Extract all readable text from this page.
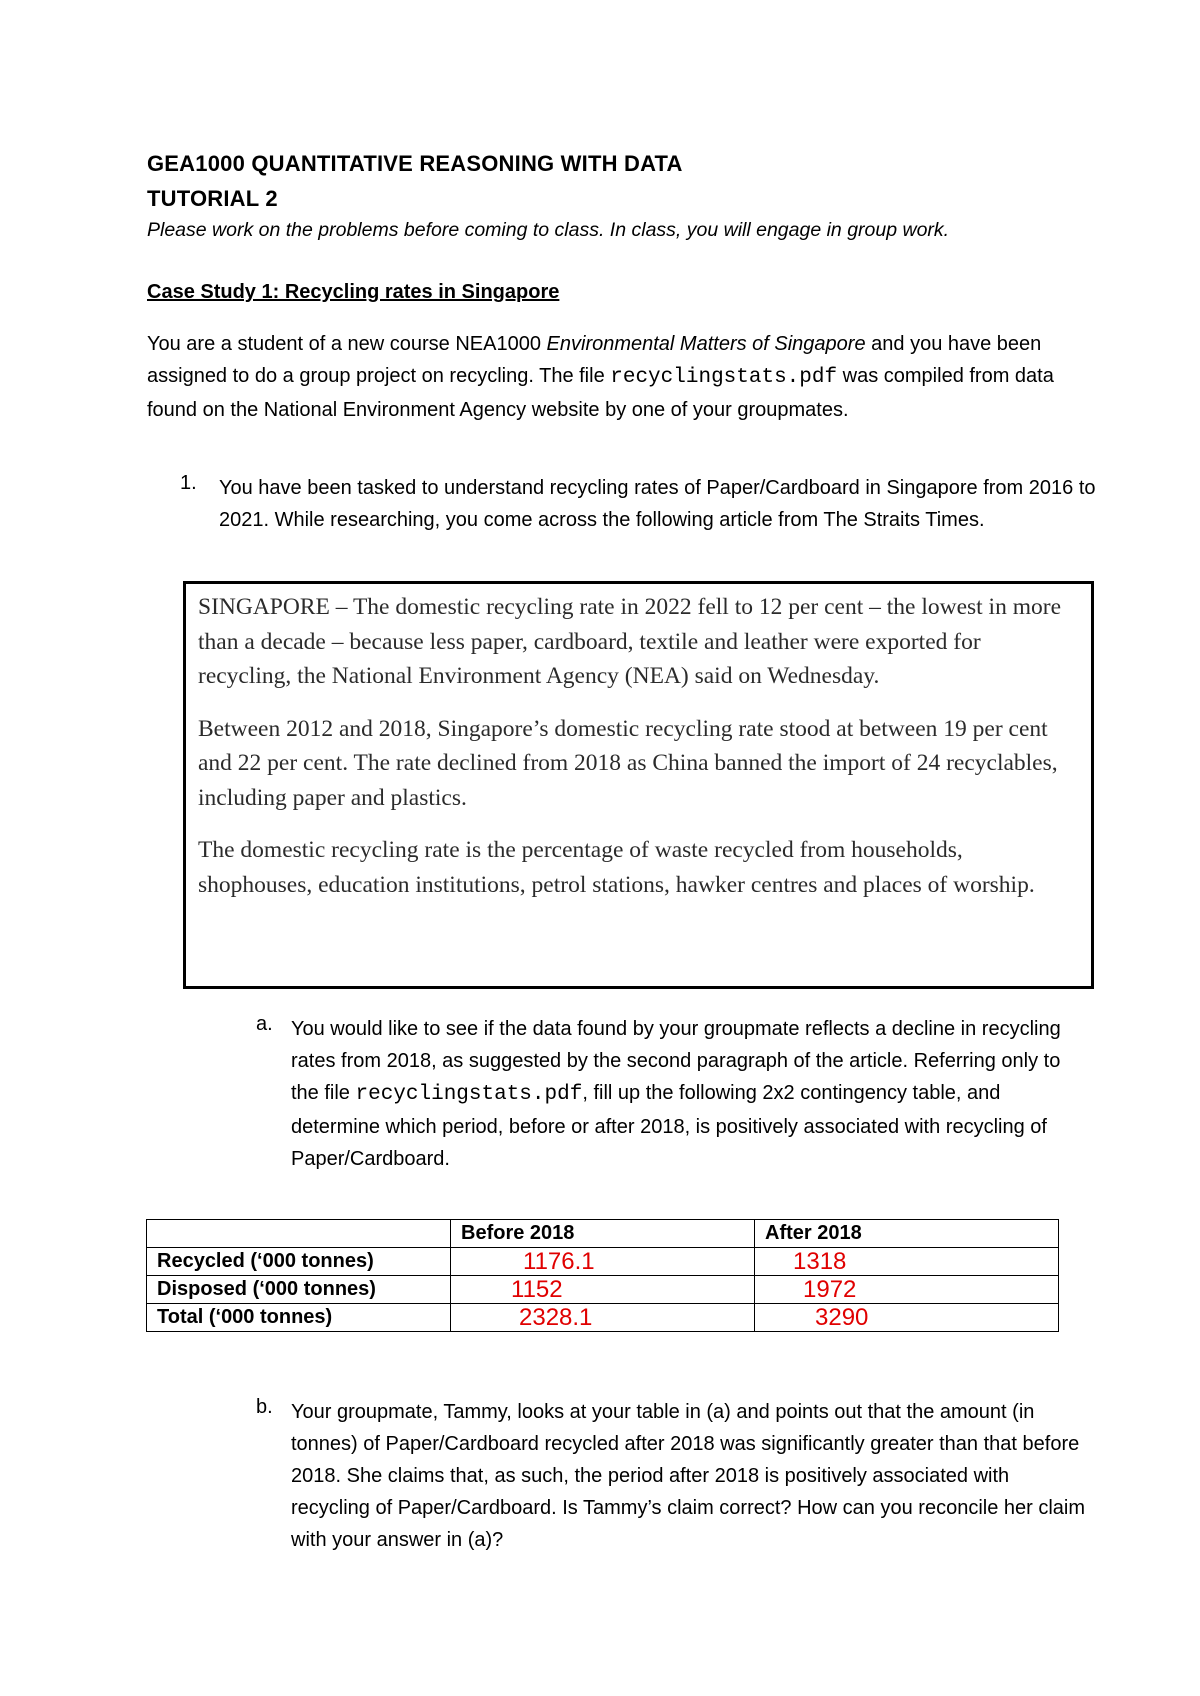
GEA1000 QUANTITATIVE REASONING WITH DATA
TUTORIAL 2

Please work on the problems before coming to class. In class, you will engage in group work.

Case Study 1: Recycling rates in Singapore

You are a student of a new course NEA1000 Environmental Matters of Singapore and you have been assigned to do a group project on recycling. The file recyclingstats.pdf was compiled from data found on the National Environment Agency website by one of your groupmates.

1. You have been tasked to understand recycling rates of Paper/Cardboard in Singapore from 2016 to 2021. While researching, you come across the following article from The Straits Times.

SINGAPORE – The domestic recycling rate in 2022 fell to 12 per cent – the lowest in more than a decade – because less paper, cardboard, textile and leather were exported for recycling, the National Environment Agency (NEA) said on Wednesday.

Between 2012 and 2018, Singapore’s domestic recycling rate stood at between 19 per cent and 22 per cent. The rate declined from 2018 as China banned the import of 24 recyclables, including paper and plastics.

The domestic recycling rate is the percentage of waste recycled from households, shophouses, education institutions, petrol stations, hawker centres and places of worship.

a. You would like to see if the data found by your groupmate reflects a decline in recycling rates from 2018, as suggested by the second paragraph of the article. Referring only to the file recyclingstats.pdf, fill up the following 2x2 contingency table, and determine which period, before or after 2018, is positively associated with recycling of Paper/Cardboard.

	Before 2018	After 2018
Recycled (‘000 tonnes)	1176.1	1318
Disposed (‘000 tonnes)	1152	1972
Total (‘000 tonnes)	2328.1	3290

b. Your groupmate, Tammy, looks at your table in (a) and points out that the amount (in tonnes) of Paper/Cardboard recycled after 2018 was significantly greater than that before 2018. She claims that, as such, the period after 2018 is positively associated with recycling of Paper/Cardboard. Is Tammy’s claim correct? How can you reconcile her claim with your answer in (a)?
